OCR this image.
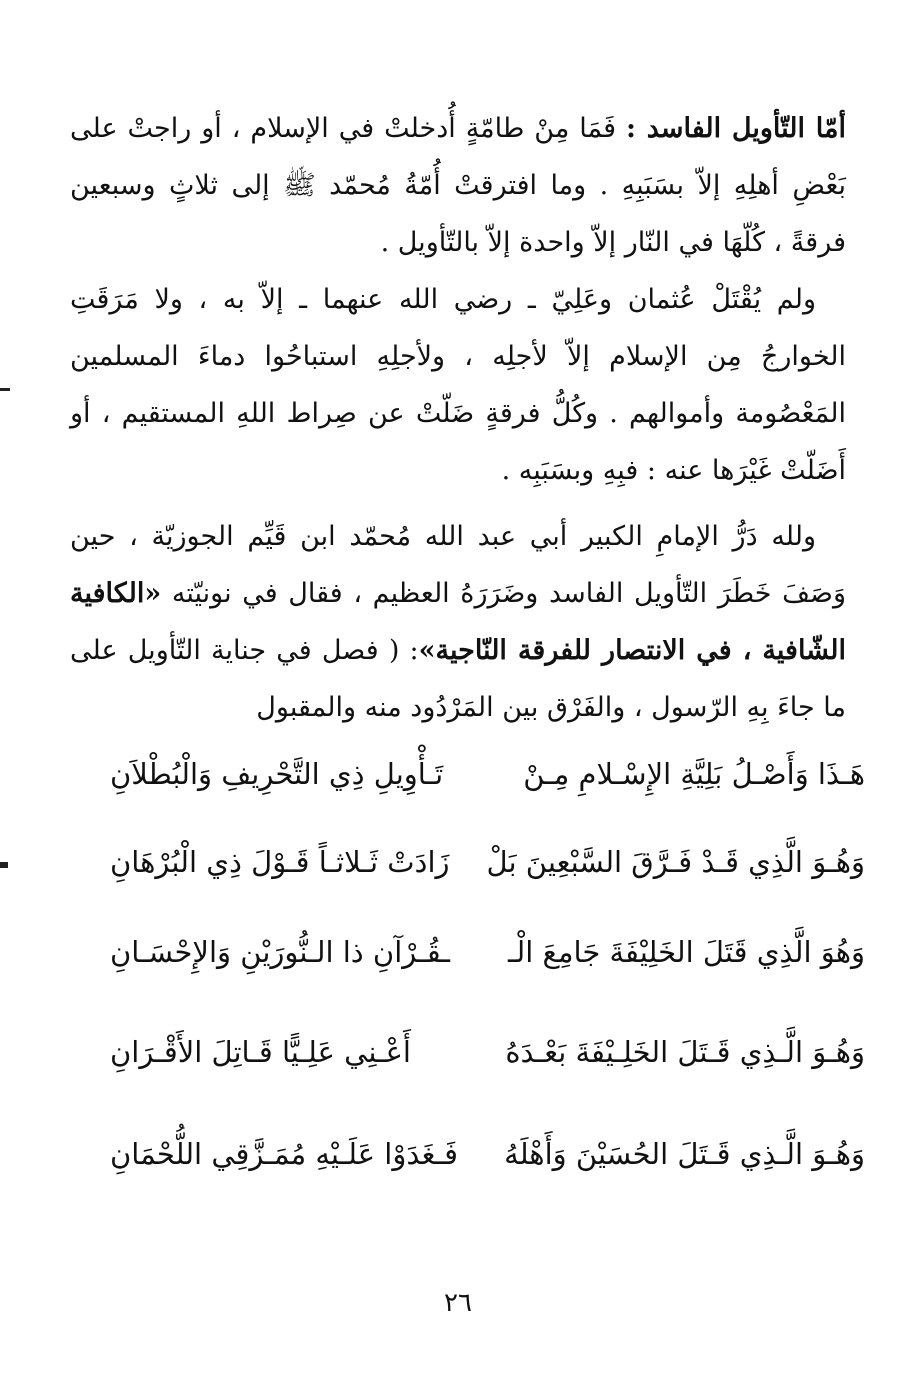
أمّا التّأويل الفاسد : فَمَا مِنْ طامّةٍ أُدخلتْ في الإسلام ، أو راجتْ على بَعْضِ أهلِهِ إلاّ بسَبَبِهِ . وما افترقتْ أُمّةُ مُحمّد ﷺ إلى ثلاثٍ وسبعين فرقةً ، كُلّهَا في النّار إلاّ واحدة إلاّ بالتّأويل .
ولم يُقْتَلْ عُثمان وعَلِيّ ـ رضي الله عنهما ـ إلاّ به ، ولا مَرَقَتِ الخوارجُ مِن الإسلام إلاّ لأجلِه ، ولأجلِهِ استباحُوا دماءَ المسلمين المَعْصُومة وأموالهم . وكُلُّ فرقةٍ ضَلّتْ عن صِراط اللهِ المستقيم ، أو أَضَلّتْ غَيْرَها عنه : فبِهِ وبسَبَبِه .
ولله دَرُّ الإمامِ الكبير أبي عبد الله مُحمّد ابن قَيِّم الجوزيّة ، حين وَصَفَ خَطَرَ التّأويل الفاسد وضَرَرَهُ العظيم ، فقال في نونيّته «الكافية الشّافية ، في الانتصار للفرقة النّاجية»: ( فصل في جناية التّأويل على ما جاءَ بِهِ الرّسول ، والفَرْق بين المَرْدُود منه والمقبول
هَـذَا وَأَصْـلُ بَلِيَّةِ الإِسْـلامِ مِـنْ
تَـأْوِيلِ ذِي التَّحْرِيفِ وَالْبُطْلاَنِ
وَهُـوَ الَّذِي قَـدْ فَـرَّقَ السَّبْعِينَ بَلْ
زَادَتْ ثَـلاثـاً قَـوْلَ ذِي الْبُرْهَانِ
وَهُوَ الَّذِي قَتَلَ الخَلِيْفَةَ جَامِعَ الْـ
ـقُـرْآنِ ذا الـنُّورَيْنِ وَالإِحْسَـانِ
وَهُـوَ الَّـذِي قَـتَلَ الخَلِـيْفَةَ بَعْـدَهُ
أَعْـنِي عَلِـيًّا قَـاتِلَ الأَقْـرَانِ
وَهُـوَ الَّـذِي قَـتَلَ الحُسَيْنَ وَأَهْلَهُ
فَـغَدَوْا عَلَـيْهِ مُمَـزَّقِي اللُّحْمَانِ
٢٦
